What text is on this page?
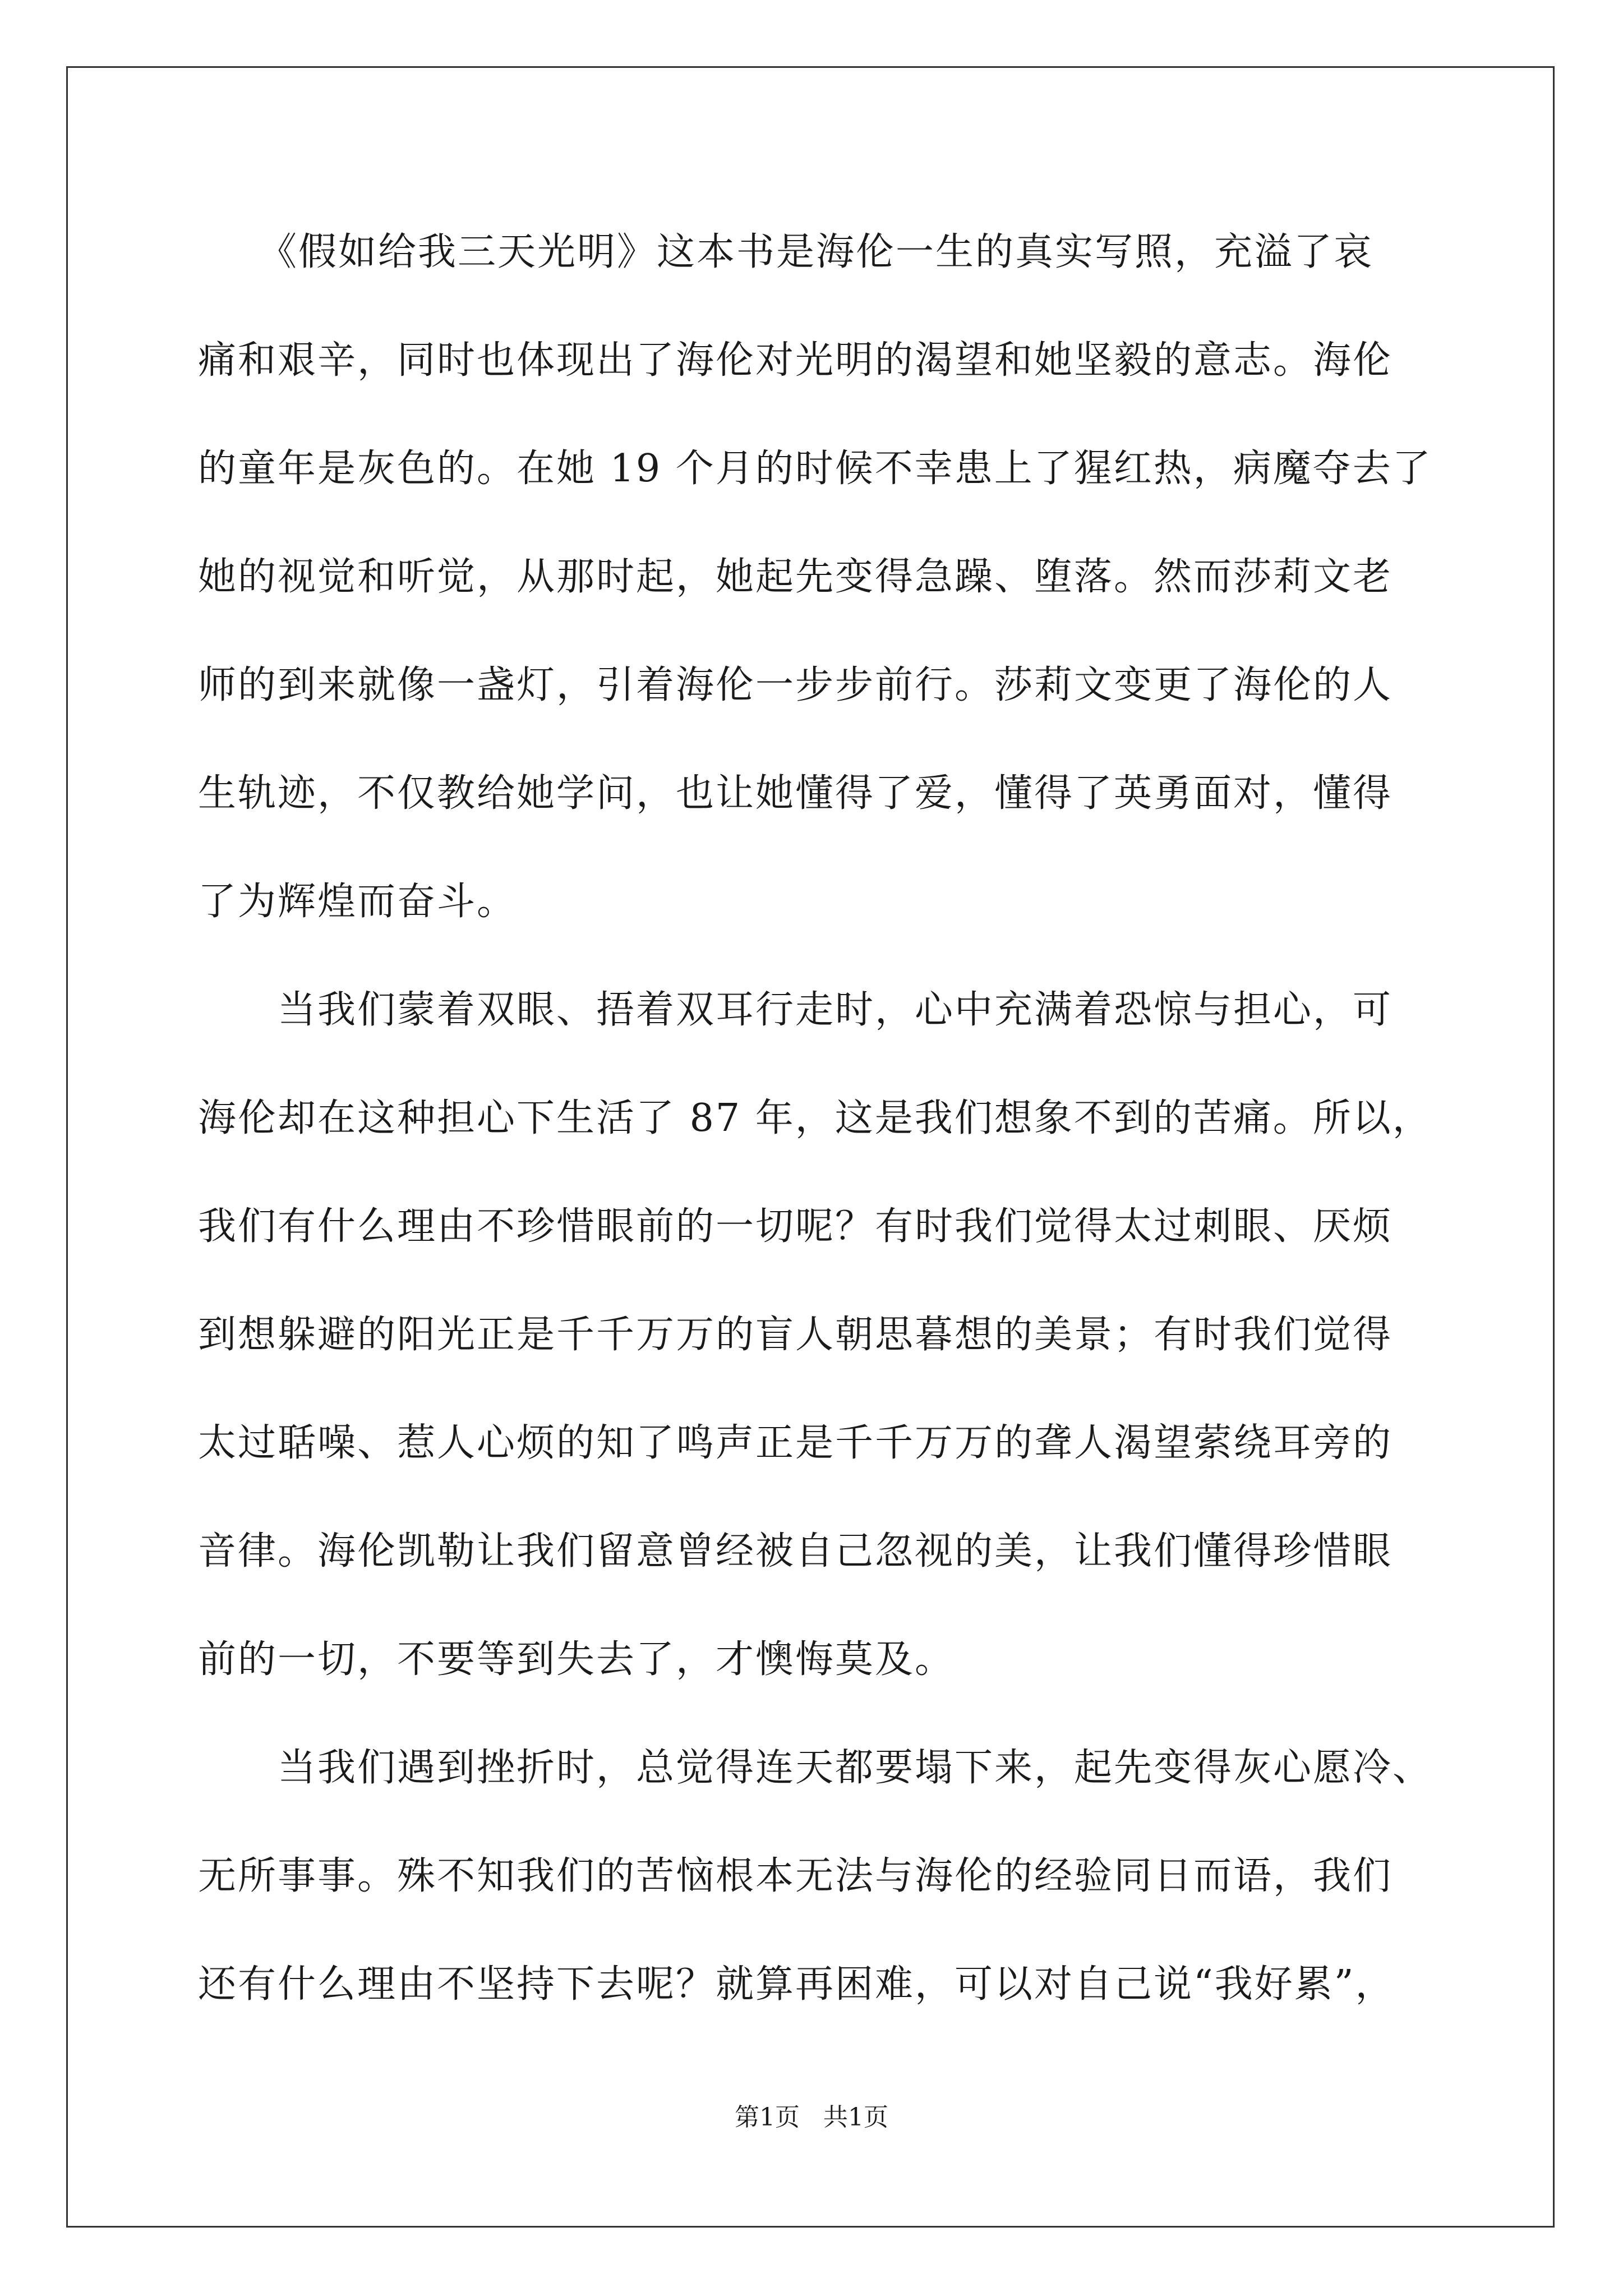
　　《假如给我三天光明》这本书是海伦一生的真实写照，充溢了哀
痛和艰辛，同时也体现出了海伦对光明的渴望和她坚毅的意志。海伦
的童年是灰色的。在她 19 个月的时候不幸患上了猩红热，病魔夺去了
她的视觉和听觉，从那时起，她起先变得急躁、堕落。然而莎莉文老
师的到来就像一盏灯，引着海伦一步步前行。莎莉文变更了海伦的人
生轨迹，不仅教给她学问，也让她懂得了爱，懂得了英勇面对，懂得
了为辉煌而奋斗。
　　当我们蒙着双眼、捂着双耳行走时，心中充满着恐惊与担心，可
海伦却在这种担心下生活了 87 年，这是我们想象不到的苦痛。所以，
我们有什么理由不珍惜眼前的一切呢？有时我们觉得太过刺眼、厌烦
到想躲避的阳光正是千千万万的盲人朝思暮想的美景；有时我们觉得
太过聒噪、惹人心烦的知了鸣声正是千千万万的聋人渴望萦绕耳旁的
音律。海伦凯勒让我们留意曾经被自己忽视的美，让我们懂得珍惜眼
前的一切，不要等到失去了，才懊悔莫及。
　　当我们遇到挫折时，总觉得连天都要塌下来，起先变得灰心愿冷、
无所事事。殊不知我们的苦恼根本无法与海伦的经验同日而语，我们
还有什么理由不坚持下去呢？就算再困难，可以对自己说“我好累”，
第1页   共1页
